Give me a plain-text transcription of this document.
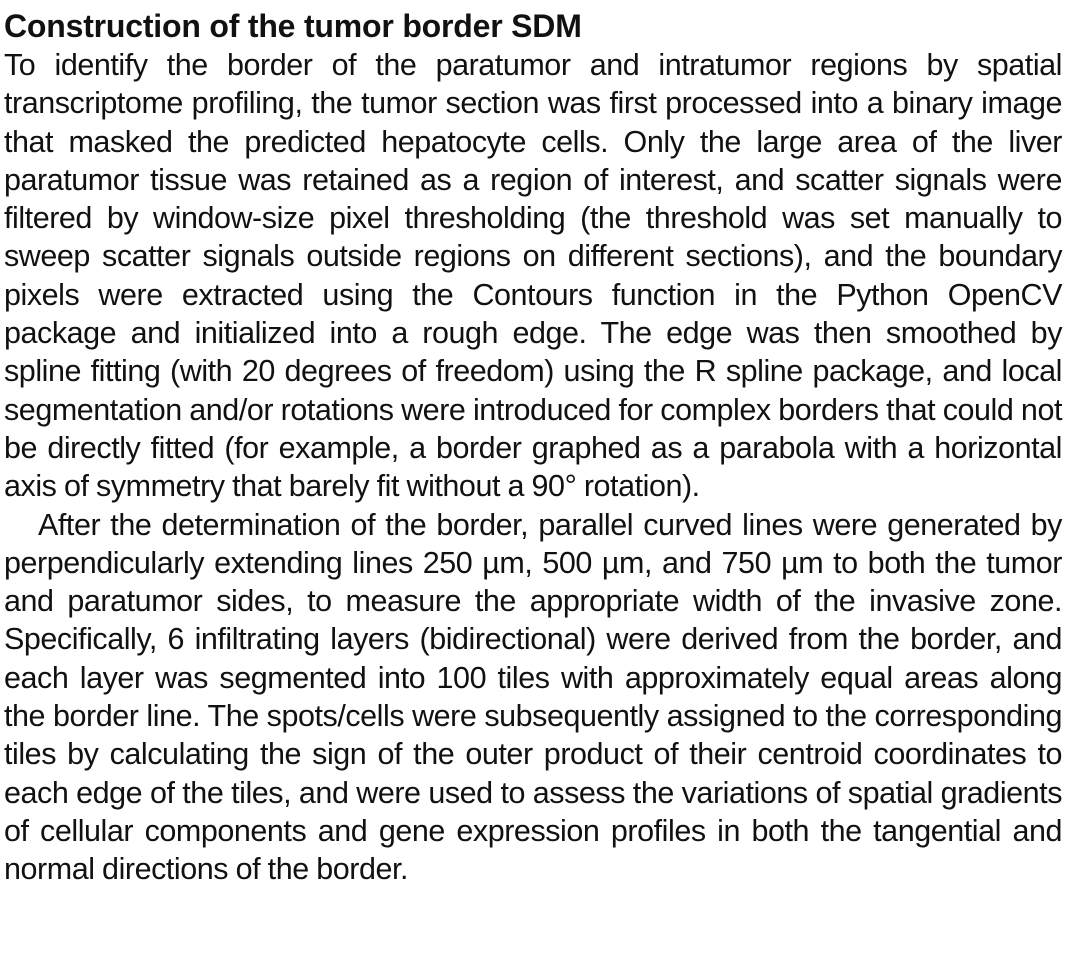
Construction of the tumor border SDM

To identify the border of the paratumor and intratumor regions by spatial transcriptome profiling, the tumor section was first processed into a binary image that masked the predicted hepatocyte cells. Only the large area of the liver paratumor tissue was retained as a region of interest, and scatter signals were filtered by window-size pixel thresholding (the threshold was set manually to sweep scatter signals outside regions on different sections), and the boundary pixels were extracted using the Contours function in the Python OpenCV package and initialized into a rough edge. The edge was then smoothed by spline fitting (with 20 degrees of freedom) using the R spline package, and local segmentation and/or rotations were introduced for complex borders that could not be directly fitted (for example, a border graphed as a parabola with a horizontal axis of symmetry that barely fit without a 90° rotation).

After the determination of the border, parallel curved lines were generated by perpendicularly extending lines 250 µm, 500 µm, and 750 µm to both the tumor and paratumor sides, to measure the appropriate width of the invasive zone. Specifically, 6 infiltrating layers (bidirectional) were derived from the border, and each layer was segmented into 100 tiles with approximately equal areas along the border line. The spots/cells were subsequently assigned to the corresponding tiles by calculating the sign of the outer product of their centroid coordinates to each edge of the tiles, and were used to assess the variations of spatial gradients of cellular components and gene expression profiles in both the tangential and normal directions of the border.
